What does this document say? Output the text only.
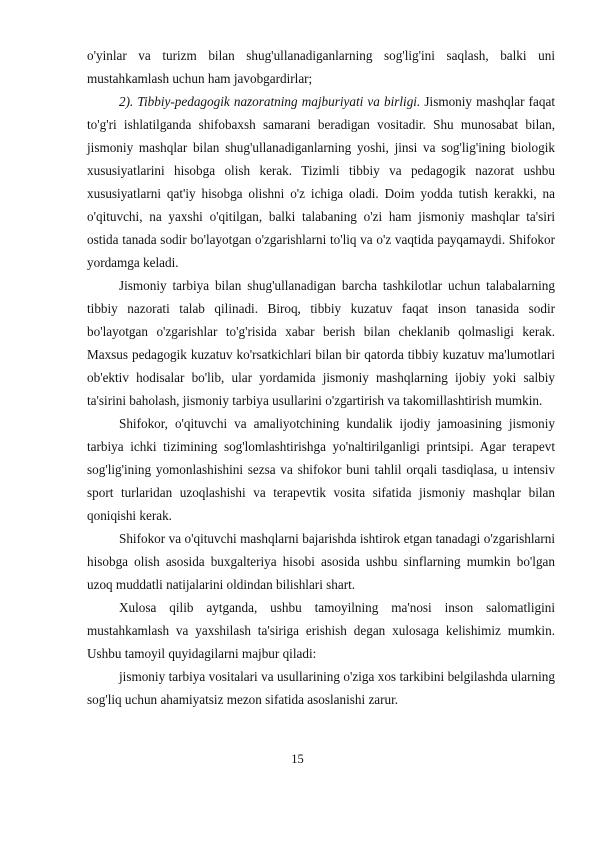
o'yinlar va turizm bilan shug'ullanadiganlarning sog'lig'ini saqlash, balki uni mustahkamlash uchun ham javobgardirlar;

2). Tibbiy-pedagogik nazoratning majburiyati va birligi. Jismoniy mashqlar faqat to'g'ri ishlatilganda shifobaxsh samarani beradigan vositadir. Shu munosabat bilan, jismoniy mashqlar bilan shug'ullanadiganlarning yoshi, jinsi va sog'lig'ining biologik xususiyatlarini hisobga olish kerak. Tizimli tibbiy va pedagogik nazorat ushbu xususiyatlarni qat'iy hisobga olishni o'z ichiga oladi. Doim yodda tutish kerakki, na o'qituvchi, na yaxshi o'qitilgan, balki talabaning o'zi ham jismoniy mashqlar ta'siri ostida tanada sodir bo'layotgan o'zgarishlarni to'liq va o'z vaqtida payqamaydi. Shifokor yordamga keladi.

Jismoniy tarbiya bilan shug'ullanadigan barcha tashkilotlar uchun talabalarning tibbiy nazorati talab qilinadi. Biroq, tibbiy kuzatuv faqat inson tanasida sodir bo'layotgan o'zgarishlar to'g'risida xabar berish bilan cheklanib qolmasligi kerak. Maxsus pedagogik kuzatuv ko'rsatkichlari bilan bir qatorda tibbiy kuzatuv ma'lumotlari ob'ektiv hodisalar bo'lib, ular yordamida jismoniy mashqlarning ijobiy yoki salbiy ta'sirini baholash, jismoniy tarbiya usullarini o'zgartirish va takomillashtirish mumkin.

Shifokor, o'qituvchi va amaliyotchining kundalik ijodiy jamoasining jismoniy tarbiya ichki tizimining sog'lomlashtirishga yo'naltirilganligi printsipi. Agar terapevt sog'lig'ining yomonlashishini sezsa va shifokor buni tahlil orqali tasdiqlasa, u intensiv sport turlaridan uzoqlashishi va terapevtik vosita sifatida jismoniy mashqlar bilan qoniqishi kerak.

Shifokor va o'qituvchi mashqlarni bajarishda ishtirok etgan tanadagi o'zgarishlarni hisobga olish asosida buxgalteriya hisobi asosida ushbu sinflarning mumkin bo'lgan uzoq muddatli natijalarini oldindan bilishlari shart.

Xulosa qilib aytganda, ushbu tamoyilning ma'nosi inson salomatligini mustahkamlash va yaxshilash ta'siriga erishish degan xulosaga kelishimiz mumkin. Ushbu tamoyil quyidagilarni majbur qiladi:

jismoniy tarbiya vositalari va usullarining o'ziga xos tarkibini belgilashda ularning sog'liq uchun ahamiyatsiz mezon sifatida asoslanishi zarur.

15
